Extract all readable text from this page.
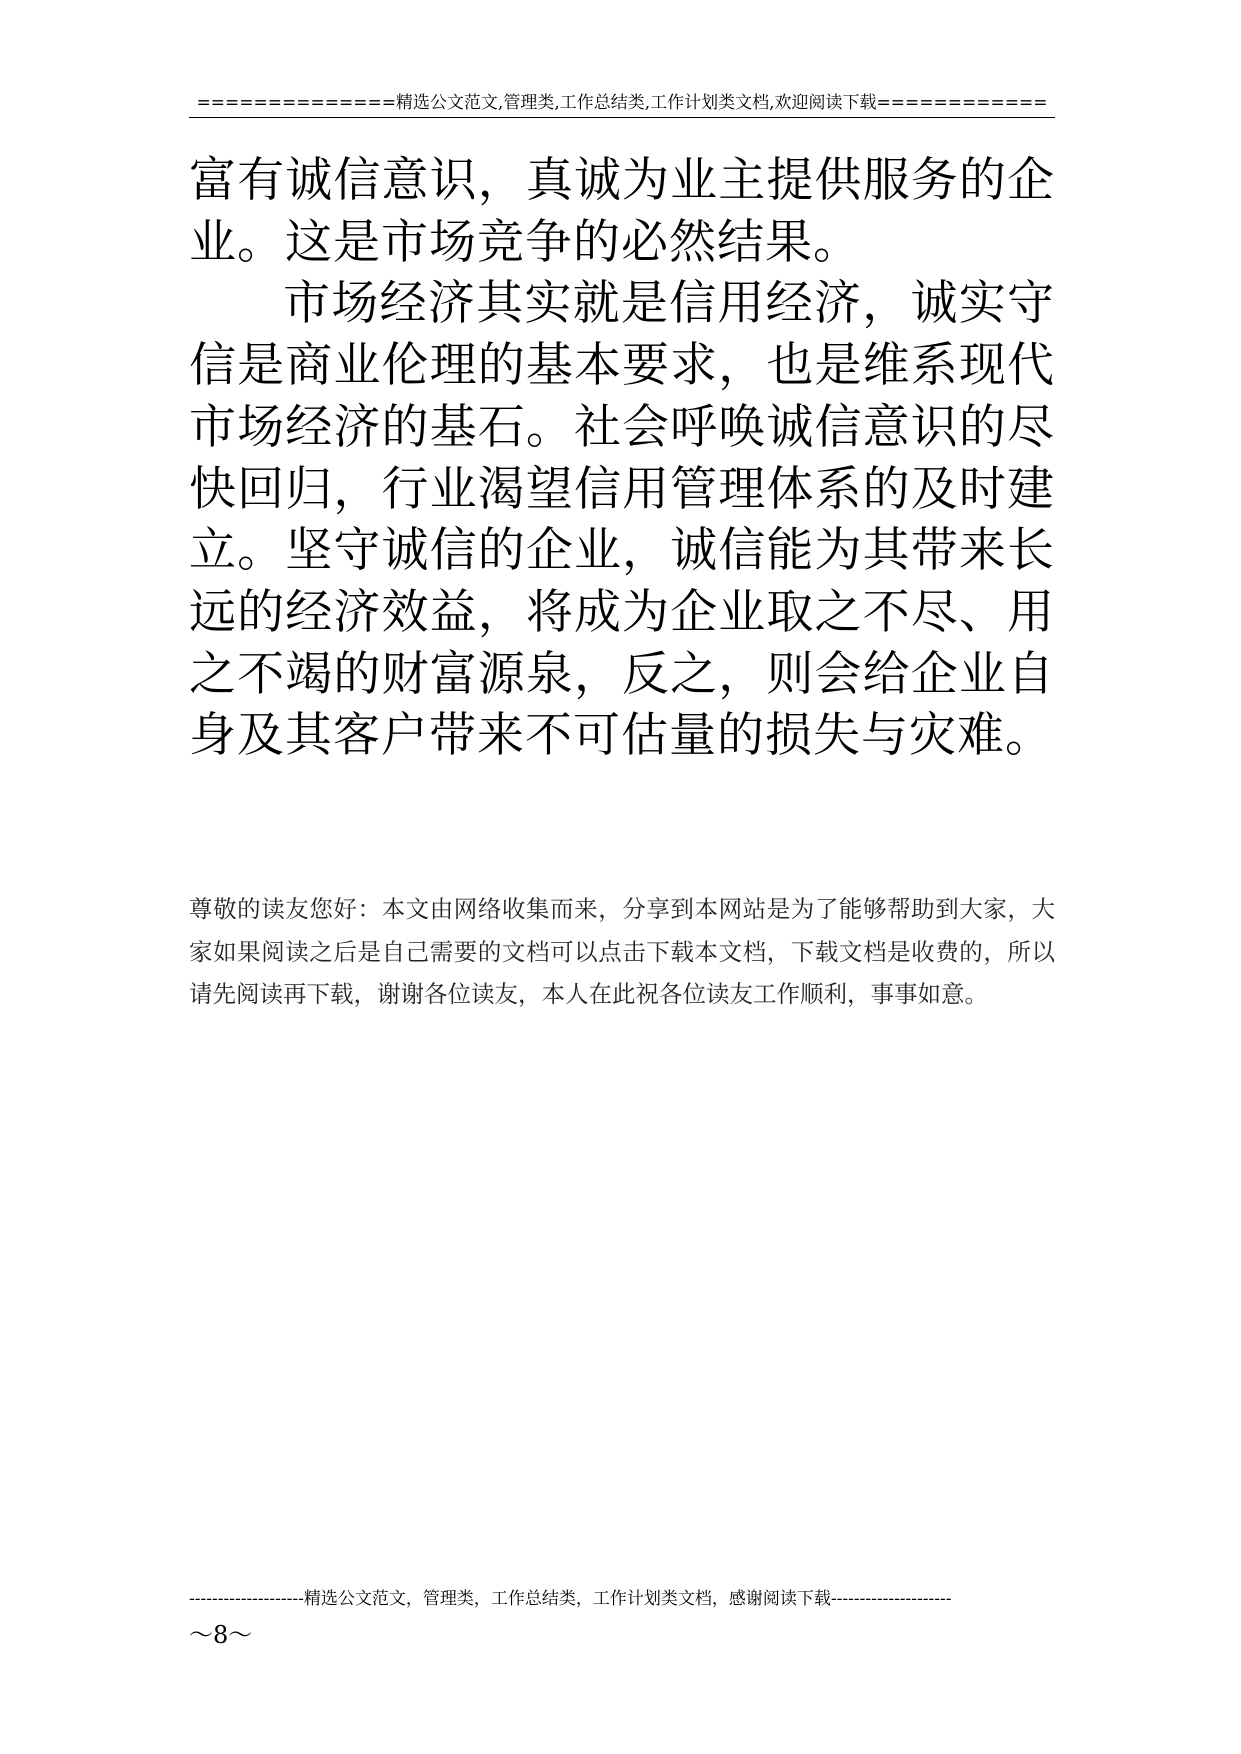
==============精选公文范文,管理类,工作总结类,工作计划类文档,欢迎阅读下载============

富有诚信意识，真诚为业主提供服务的企业。这是市场竞争的必然结果。

市场经济其实就是信用经济，诚实守信是商业伦理的基本要求，也是维系现代市场经济的基石。社会呼唤诚信意识的尽快回归，行业渴望信用管理体系的及时建立。坚守诚信的企业，诚信能为其带来长远的经济效益，将成为企业取之不尽、用之不竭的财富源泉，反之，则会给企业自身及其客户带来不可估量的损失与灾难。

尊敬的读友您好：本文由网络收集而来，分享到本网站是为了能够帮助到大家，大家如果阅读之后是自己需要的文档可以点击下载本文档，下载文档是收费的，所以请先阅读再下载，谢谢各位读友，本人在此祝各位读友工作顺利，事事如意。
--------------------精选公文范文，管理类，工作总结类，工作计划类文档，感谢阅读下载---------------------
～8～
